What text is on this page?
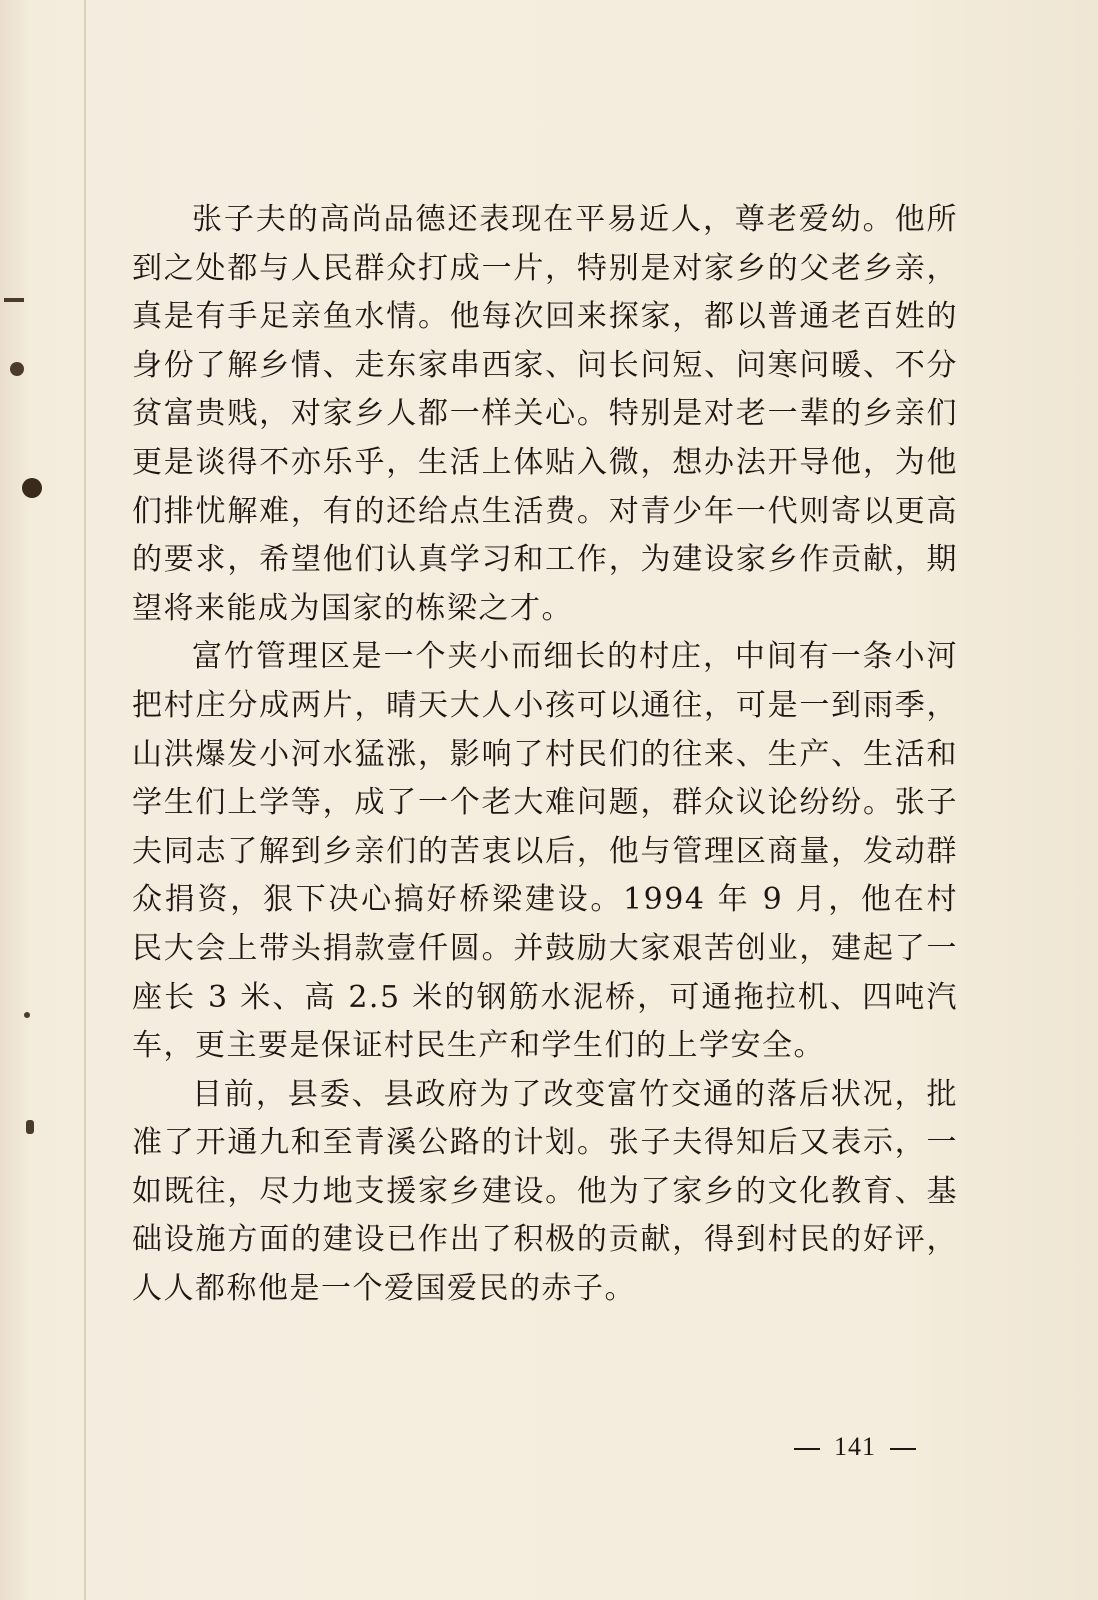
张子夫的高尚品德还表现在平易近人，尊老爱幼。他所到之处都与人民群众打成一片，特别是对家乡的父老乡亲，真是有手足亲鱼水情。他每次回来探家，都以普通老百姓的身份了解乡情、走东家串西家、问长问短、问寒问暖、不分贫富贵贱，对家乡人都一样关心。特别是对老一辈的乡亲们更是谈得不亦乐乎，生活上体贴入微，想办法开导他，为他们排忧解难，有的还给点生活费。对青少年一代则寄以更高的要求，希望他们认真学习和工作，为建设家乡作贡献，期望将来能成为国家的栋梁之才。

富竹管理区是一个夹小而细长的村庄，中间有一条小河把村庄分成两片，晴天大人小孩可以通往，可是一到雨季，山洪爆发小河水猛涨，影响了村民们的往来、生产、生活和学生们上学等，成了一个老大难问题，群众议论纷纷。张子夫同志了解到乡亲们的苦衷以后，他与管理区商量，发动群众捐资，狠下决心搞好桥梁建设。1994 年 9 月，他在村民大会上带头捐款壹仟圆。并鼓励大家艰苦创业，建起了一座长 3 米、高 2.5 米的钢筋水泥桥，可通拖拉机、四吨汽车，更主要是保证村民生产和学生们的上学安全。

目前，县委、县政府为了改变富竹交通的落后状况，批准了开通九和至青溪公路的计划。张子夫得知后又表示，一如既往，尽力地支援家乡建设。他为了家乡的文化教育、基础设施方面的建设已作出了积极的贡献，得到村民的好评，人人都称他是一个爱国爱民的赤子。

141
